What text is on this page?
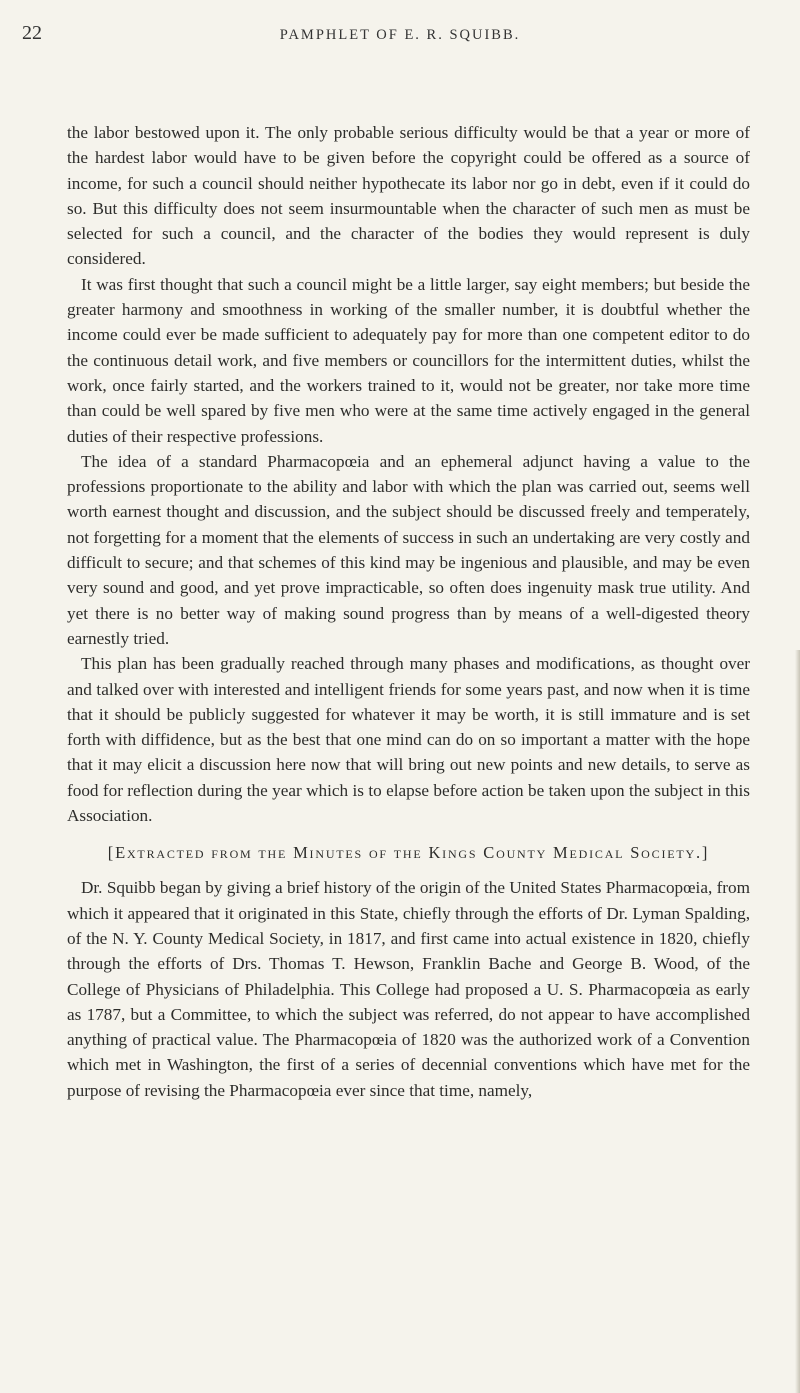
22	PAMPHLET OF E. R. SQUIBB.

the labor bestowed upon it. The only probable serious difficulty would be that a year or more of the hardest labor would have to be given before the copyright could be offered as a source of income, for such a council should neither hypothecate its labor nor go in debt, even if it could do so. But this difficulty does not seem insurmountable when the character of such men as must be selected for such a council, and the character of the bodies they would represent is duly considered.

It was first thought that such a council might be a little larger, say eight members; but beside the greater harmony and smoothness in working of the smaller number, it is doubtful whether the income could ever be made sufficient to adequately pay for more than one competent editor to do the continuous detail work, and five members or councillors for the intermittent duties, whilst the work, once fairly started, and the workers trained to it, would not be greater, nor take more time than could be well spared by five men who were at the same time actively engaged in the general duties of their respective professions.

The idea of a standard Pharmacopœia and an ephemeral adjunct having a value to the professions proportionate to the ability and labor with which the plan was carried out, seems well worth earnest thought and discussion, and the subject should be discussed freely and temperately, not forgetting for a moment that the elements of success in such an undertaking are very costly and difficult to secure; and that schemes of this kind may be ingenious and plausible, and may be even very sound and good, and yet prove impracticable, so often does ingenuity mask true utility. And yet there is no better way of making sound progress than by means of a well-digested theory earnestly tried.

This plan has been gradually reached through many phases and modifications, as thought over and talked over with interested and intelligent friends for some years past, and now when it is time that it should be publicly suggested for whatever it may be worth, it is still immature and is set forth with diffidence, but as the best that one mind can do on so important a matter with the hope that it may elicit a discussion here now that will bring out new points and new details, to serve as food for reflection during the year which is to elapse before action be taken upon the subject in this Association.

[Extracted from the Minutes of the Kings County Medical Society.]

Dr. Squibb began by giving a brief history of the origin of the United States Pharmacopœia, from which it appeared that it originated in this State, chiefly through the efforts of Dr. Lyman Spalding, of the N. Y. County Medical Society, in 1817, and first came into actual existence in 1820, chiefly through the efforts of Drs. Thomas T. Hewson, Franklin Bache and George B. Wood, of the College of Physicians of Philadelphia. This College had proposed a U. S. Pharmacopœia as early as 1787, but a Committee, to which the subject was referred, do not appear to have accomplished anything of practical value. The Pharmacopœia of 1820 was the authorized work of a Convention which met in Washington, the first of a series of decennial conventions which have met for the purpose of revising the Pharmacopœia ever since that time, namely,
